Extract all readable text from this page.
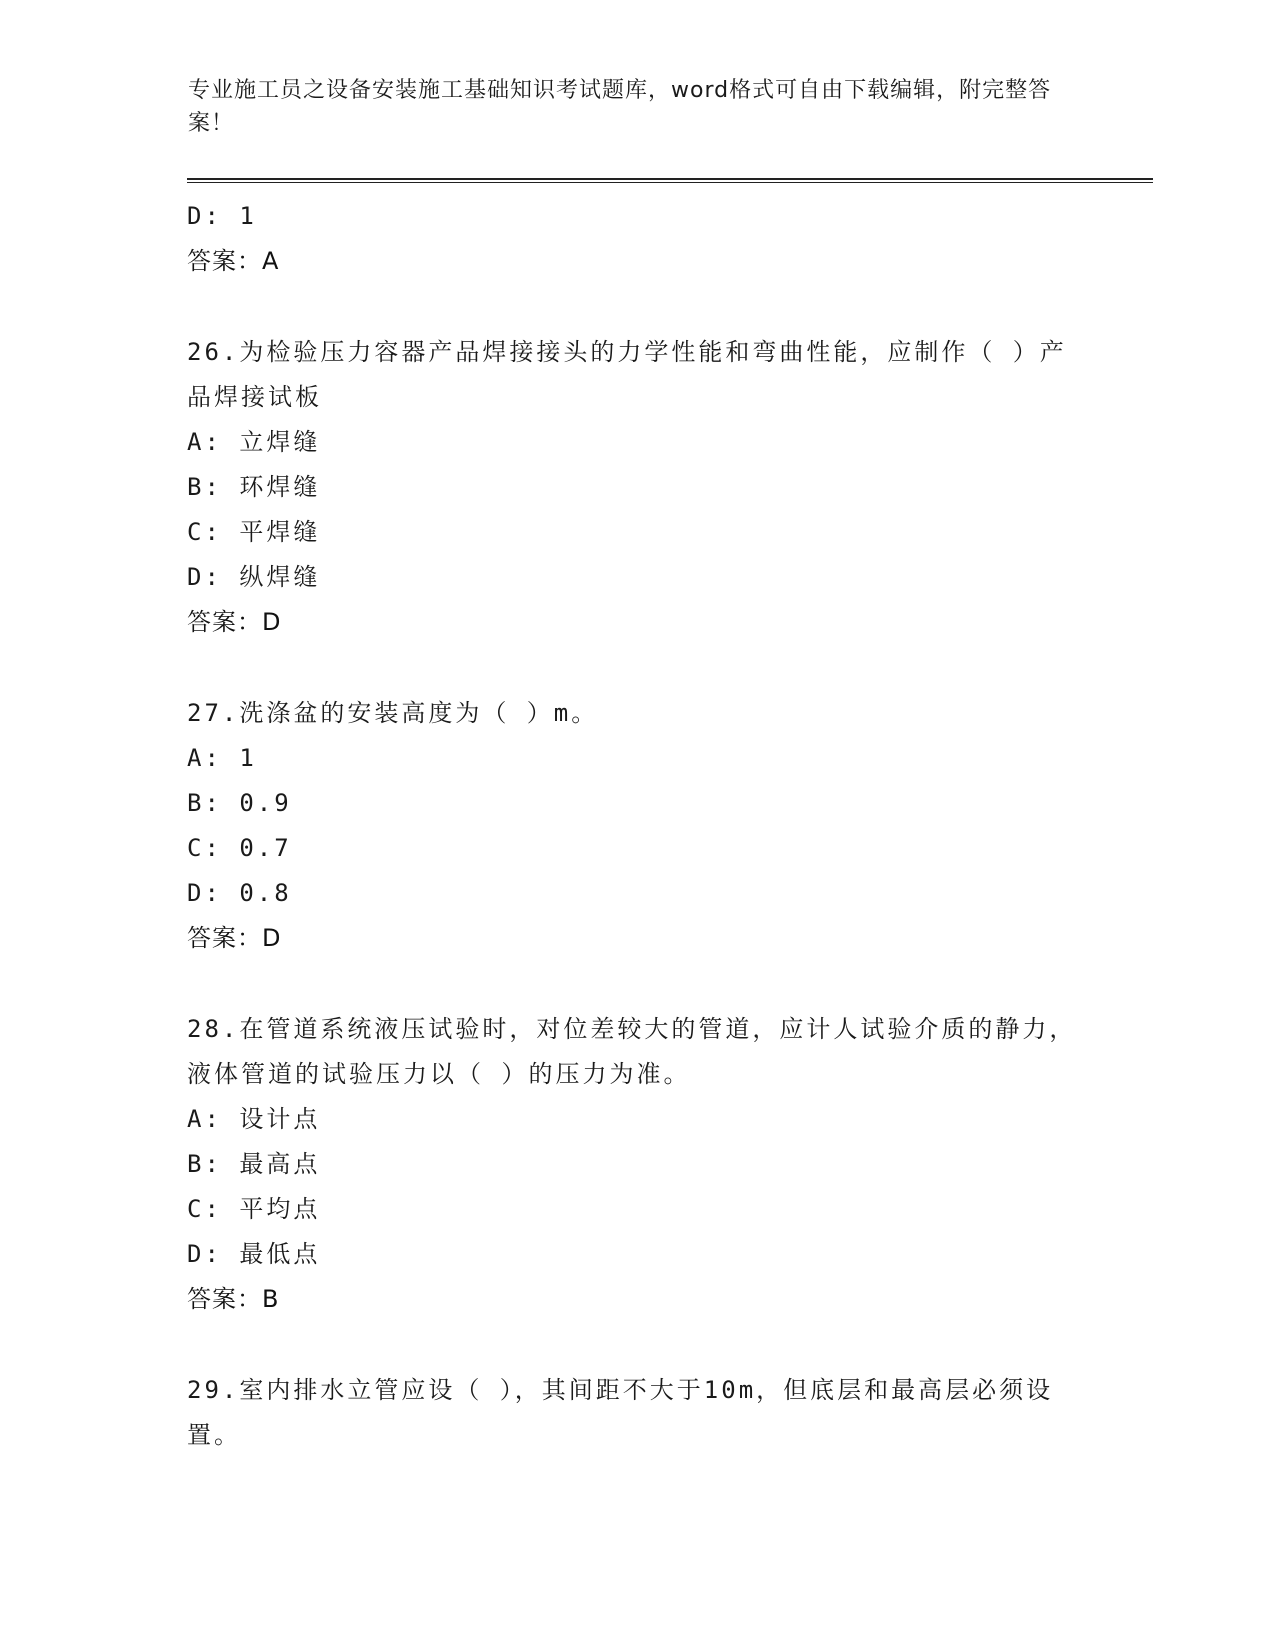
专业施工员之设备安装施工基础知识考试题库，word格式可自由下载编辑，附完整答案！
D: 1
答案：A
26.为检验压力容器产品焊接接头的力学性能和弯曲性能，应制作（ ）产品焊接试板
A: 立焊缝
B: 环焊缝
C: 平焊缝
D: 纵焊缝
答案：D
27.洗涤盆的安装高度为（ ）m。
A: 1
B: 0.9
C: 0.7
D: 0.8
答案：D
28.在管道系统液压试验时，对位差较大的管道，应计人试验介质的静力，液体管道的试验压力以（ ）的压力为准。
A: 设计点
B: 最高点
C: 平均点
D: 最低点
答案：B
29.室内排水立管应设（ ），其间距不大于10m，但底层和最高层必须设置。
